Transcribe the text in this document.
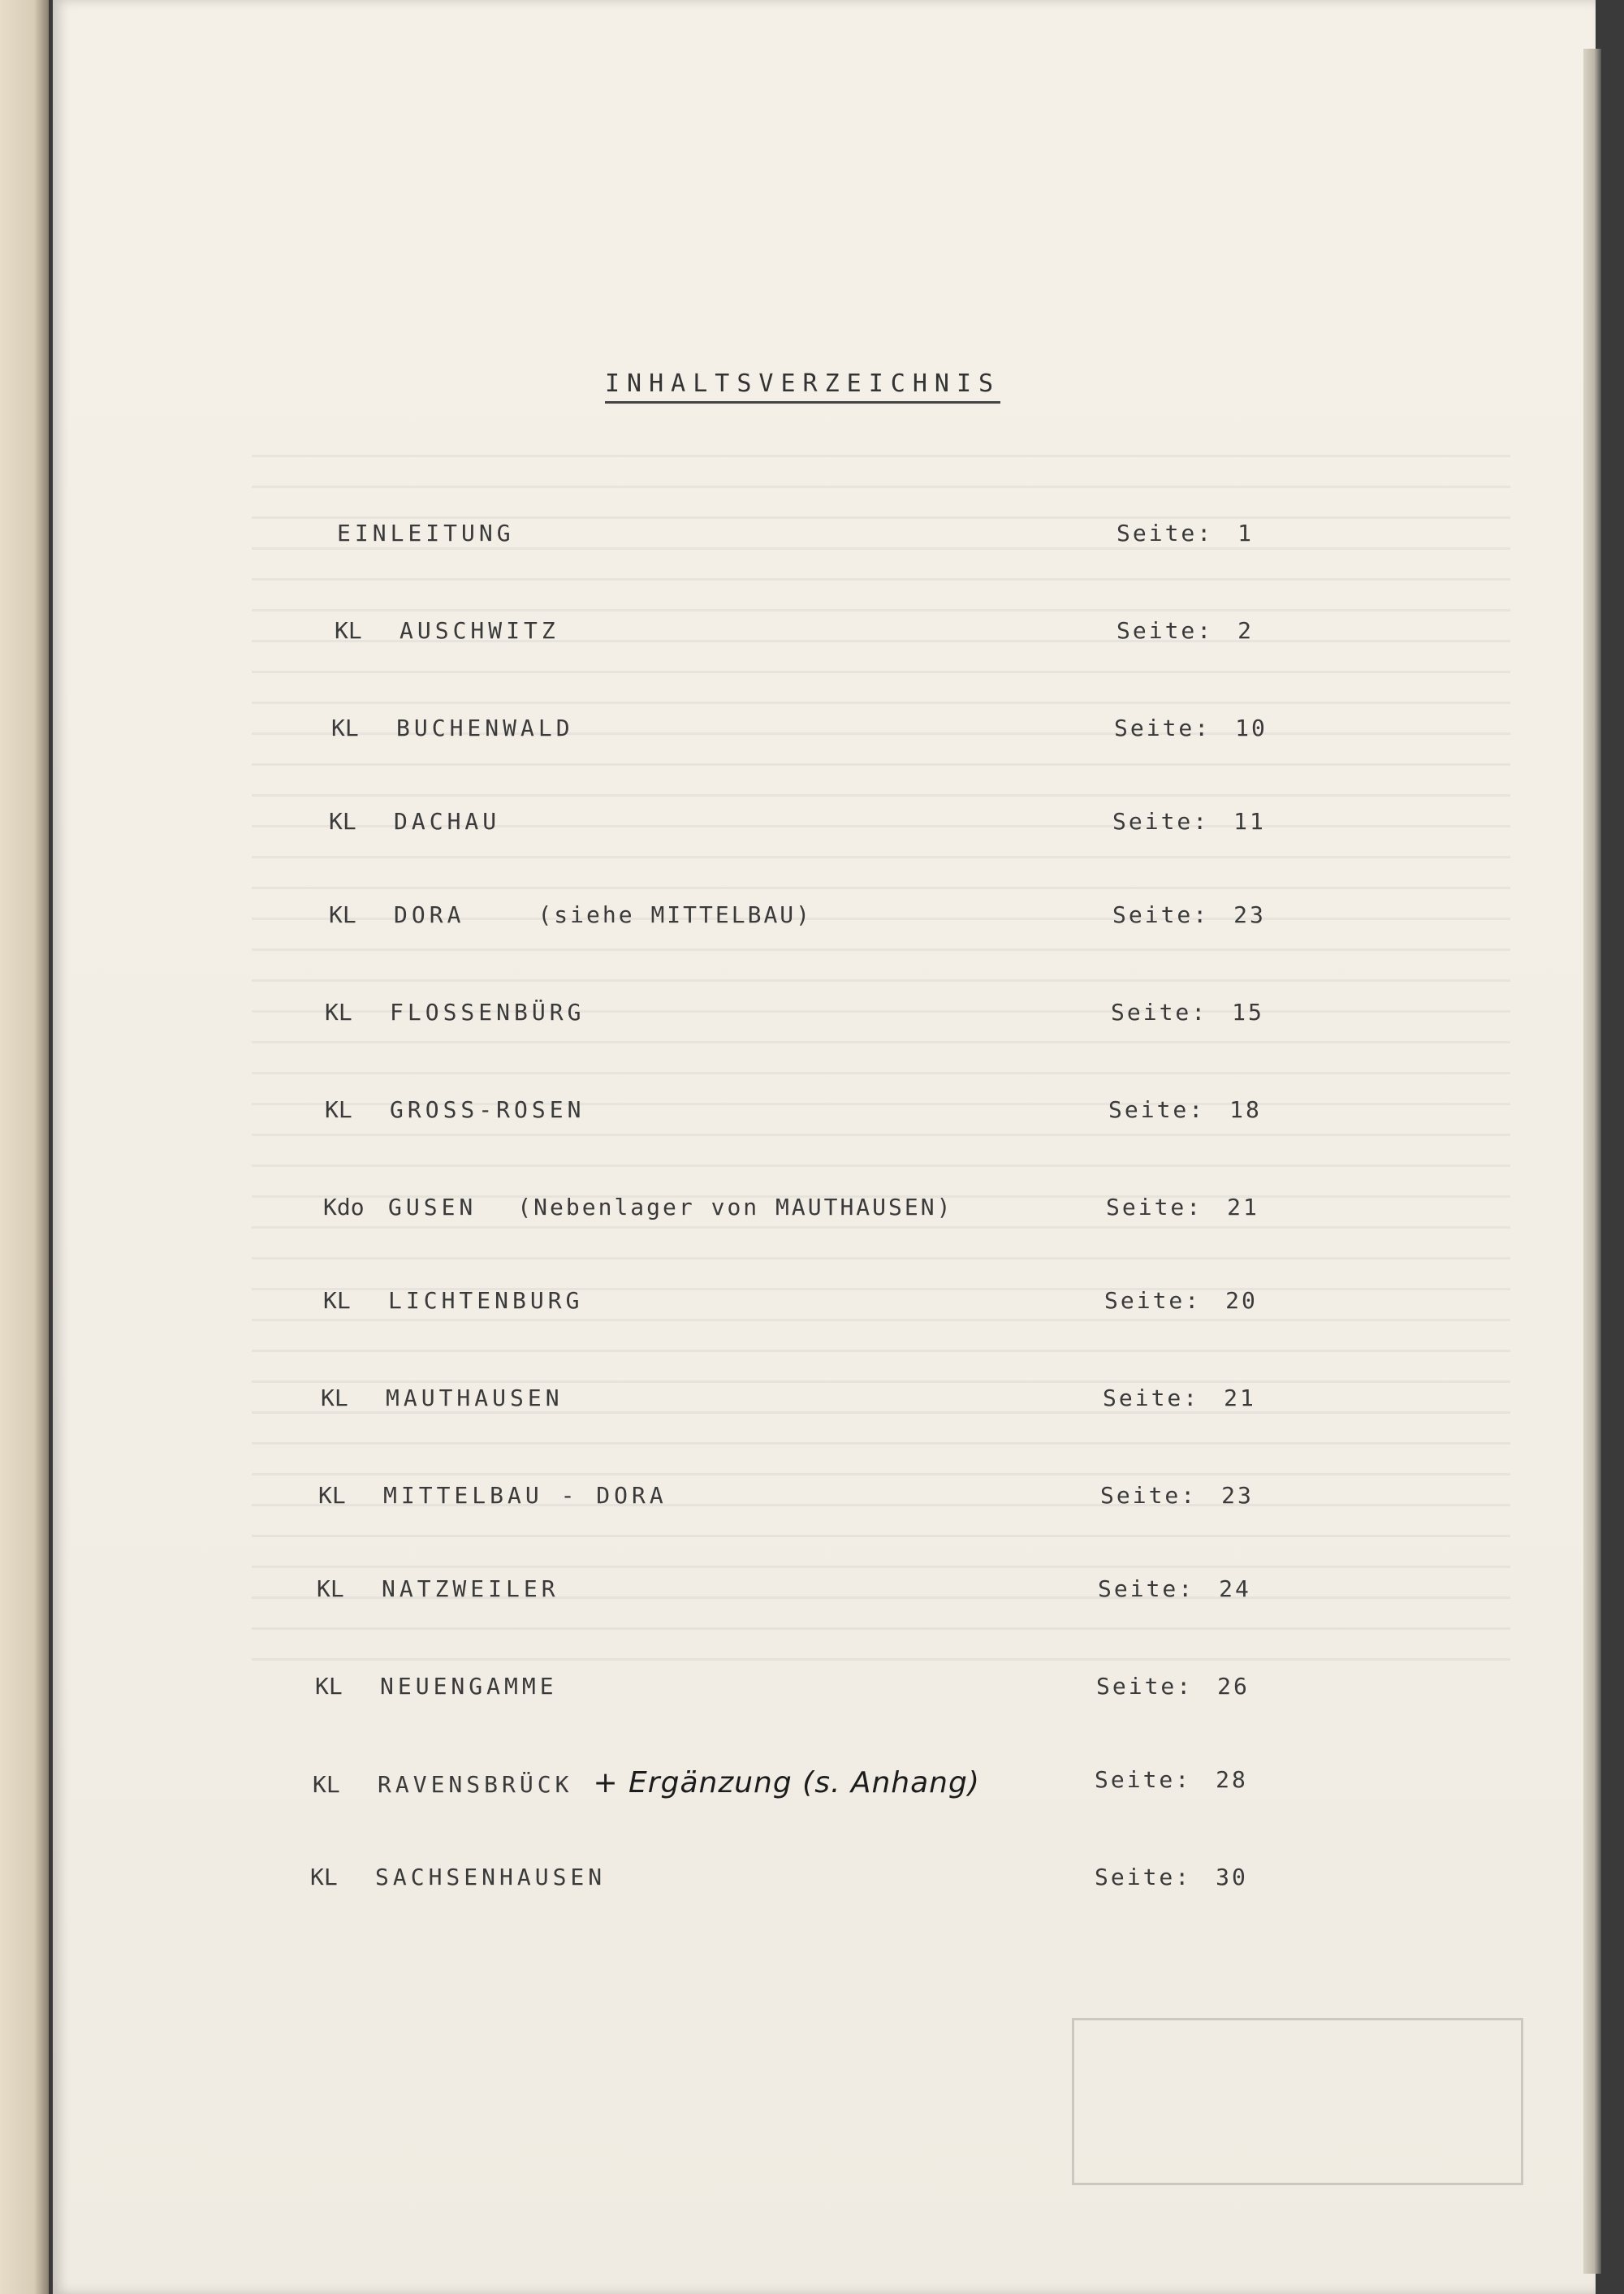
INHALTSVERZEICHNIS
EINLEITUNG	Seite: 1
KL AUSCHWITZ	Seite: 2
KL BUCHENWALD	Seite: 10
KL DACHAU	Seite: 11
KL DORA	(siehe MITTELBAU)	Seite: 23
KL FLOSSENBÜRG	Seite: 15
KL GROSS-ROSEN	Seite: 18
Kdo GUSEN (Nebenlager von MAUTHAUSEN)	Seite: 21
KL LICHTENBURG	Seite: 20
KL MAUTHAUSEN	Seite: 21
KL MITTELBAU - DORA	Seite: 23
KL NATZWEILER	Seite: 24
KL NEUENGAMME	Seite: 26
KL RAVENSBRÜCK + Ergänzung (s. Anhang)	Seite: 28
KL SACHSENHAUSEN	Seite: 30
